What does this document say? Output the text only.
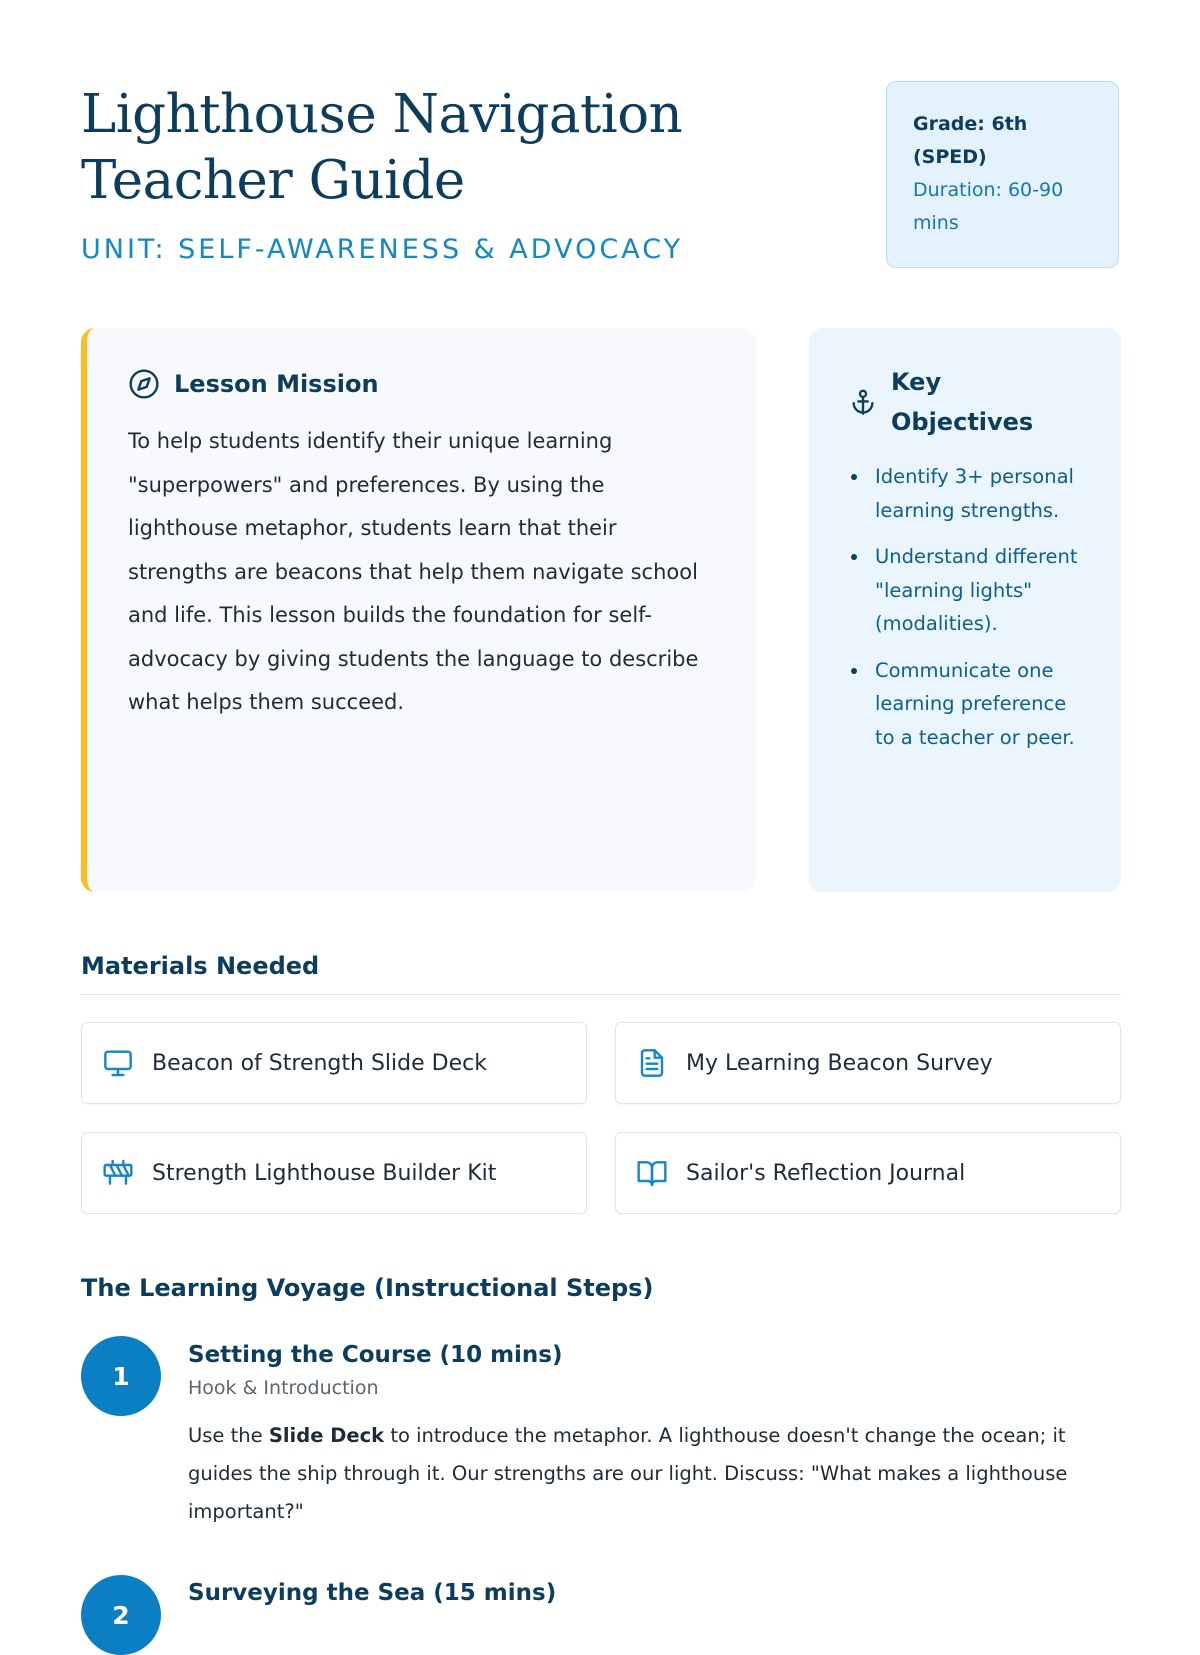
Lighthouse Navigation
Teacher Guide
UNIT: SELF-AWARENESS & ADVOCACY
Grade: 6th (SPED)
Duration: 60-90 mins
Lesson Mission
To help students identify their unique learning "superpowers" and preferences. By using the lighthouse metaphor, students learn that their strengths are beacons that help them navigate school and life. This lesson builds the foundation for self-advocacy by giving students the language to describe what helps them succeed.
Key
Objectives
Identify 3+ personal learning strengths.
Understand different "learning lights" (modalities).
Communicate one learning preference to a teacher or peer.
Materials Needed
Beacon of Strength Slide Deck	My Learning Beacon Survey
Strength Lighthouse Builder Kit	Sailor's Reflection Journal
The Learning Voyage (Instructional Steps)
1
Setting the Course (10 mins)
Hook & Introduction
Use the Slide Deck to introduce the metaphor. A lighthouse doesn't change the ocean; it guides the ship through it. Our strengths are our light. Discuss: "What makes a lighthouse important?"
2
Surveying the Sea (15 mins)
